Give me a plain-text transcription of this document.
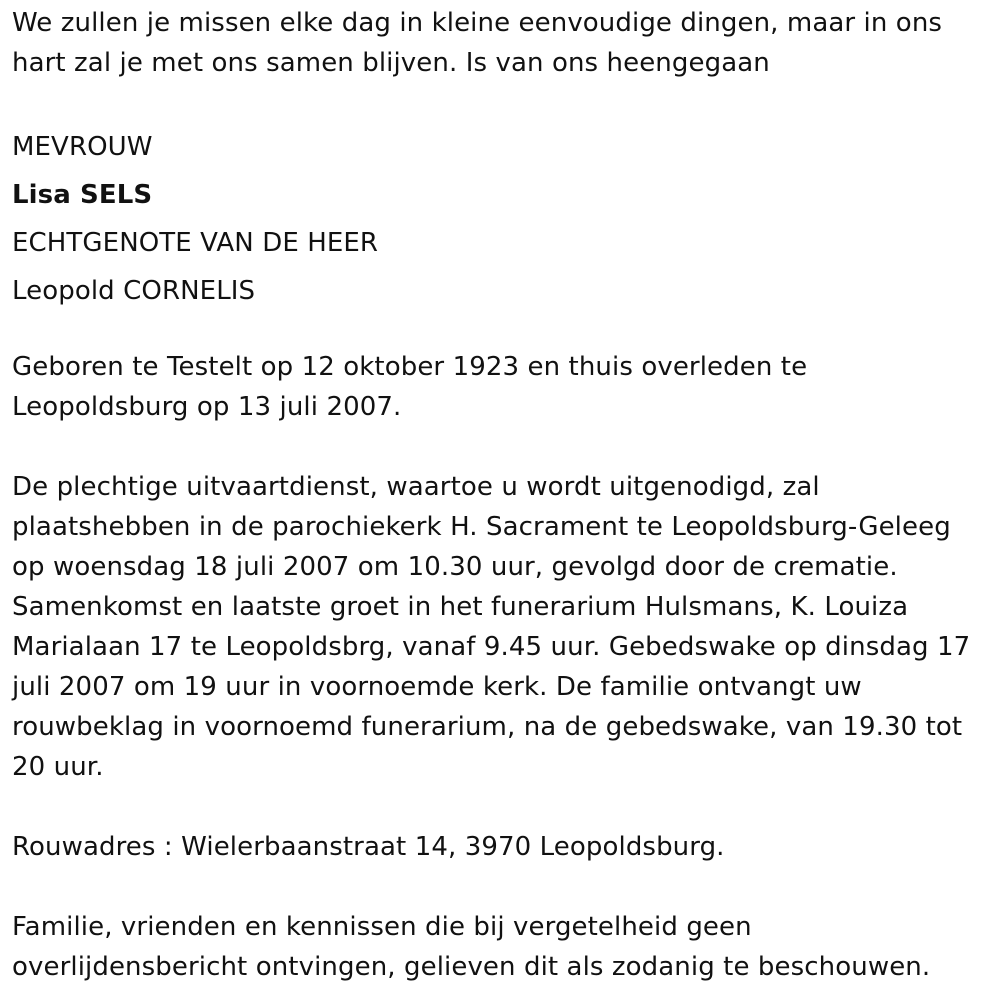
We zullen je missen elke dag in kleine eenvoudige dingen, maar in ons
hart zal je met ons samen blijven. Is van ons heengegaan
MEVROUW
Lisa SELS
ECHTGENOTE VAN DE HEER
Leopold CORNELIS
Geboren te Testelt op 12 oktober 1923 en thuis overleden te
Leopoldsburg op 13 juli 2007.
De plechtige uitvaartdienst, waartoe u wordt uitgenodigd, zal
plaatshebben in de parochiekerk H. Sacrament te Leopoldsburg-Geleeg
op woensdag 18 juli 2007 om 10.30 uur, gevolgd door de crematie.
Samenkomst en laatste groet in het funerarium Hulsmans, K. Louiza
Marialaan 17 te Leopoldsbrg, vanaf 9.45 uur. Gebedswake op dinsdag 17
juli 2007 om 19 uur in voornoemde kerk. De familie ontvangt uw
rouwbeklag in voornoemd funerarium, na de gebedswake, van 19.30 tot
20 uur.
Rouwadres : Wielerbaanstraat 14, 3970 Leopoldsburg.
Familie, vrienden en kennissen die bij vergetelheid geen
overlijdensbericht ontvingen, gelieven dit als zodanig te beschouwen.
